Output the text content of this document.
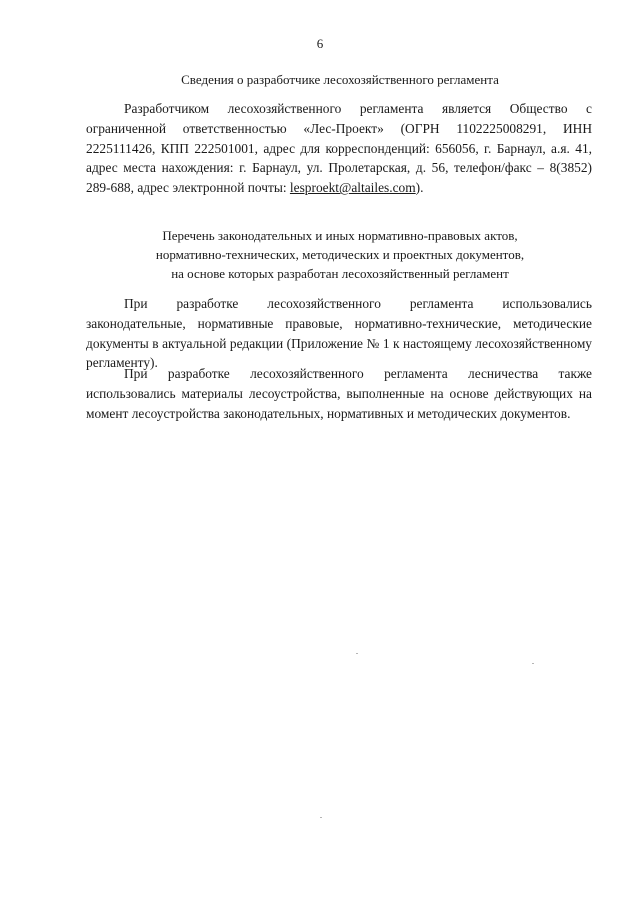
6
Сведения о разработчике лесохозяйственного регламента
Разработчиком лесохозяйственного регламента является Общество с ограниченной ответственностью «Лес-Проект» (ОГРН 1102225008291, ИНН 2225111426, КПП 222501001, адрес для корреспонденций: 656056, г. Барнаул, а.я. 41, адрес места нахождения: г. Барнаул, ул. Пролетарская, д. 56, телефон/факс – 8(3852) 289-688, адрес электронной почты: lesproekt@altailes.com).
Перечень законодательных и иных нормативно-правовых актов,
нормативно-технических, методических и проектных документов,
на основе которых разработан лесохозяйственный регламент
При разработке лесохозяйственного регламента использовались законодательные, нормативные правовые, нормативно-технические, методические документы в актуальной редакции (Приложение № 1 к настоящему лесохозяйственному регламенту).
При разработке лесохозяйственного регламента лесничества также использовались материалы лесоустройства, выполненные на основе действующих на момент лесоустройства законодательных, нормативных и методических документов.
